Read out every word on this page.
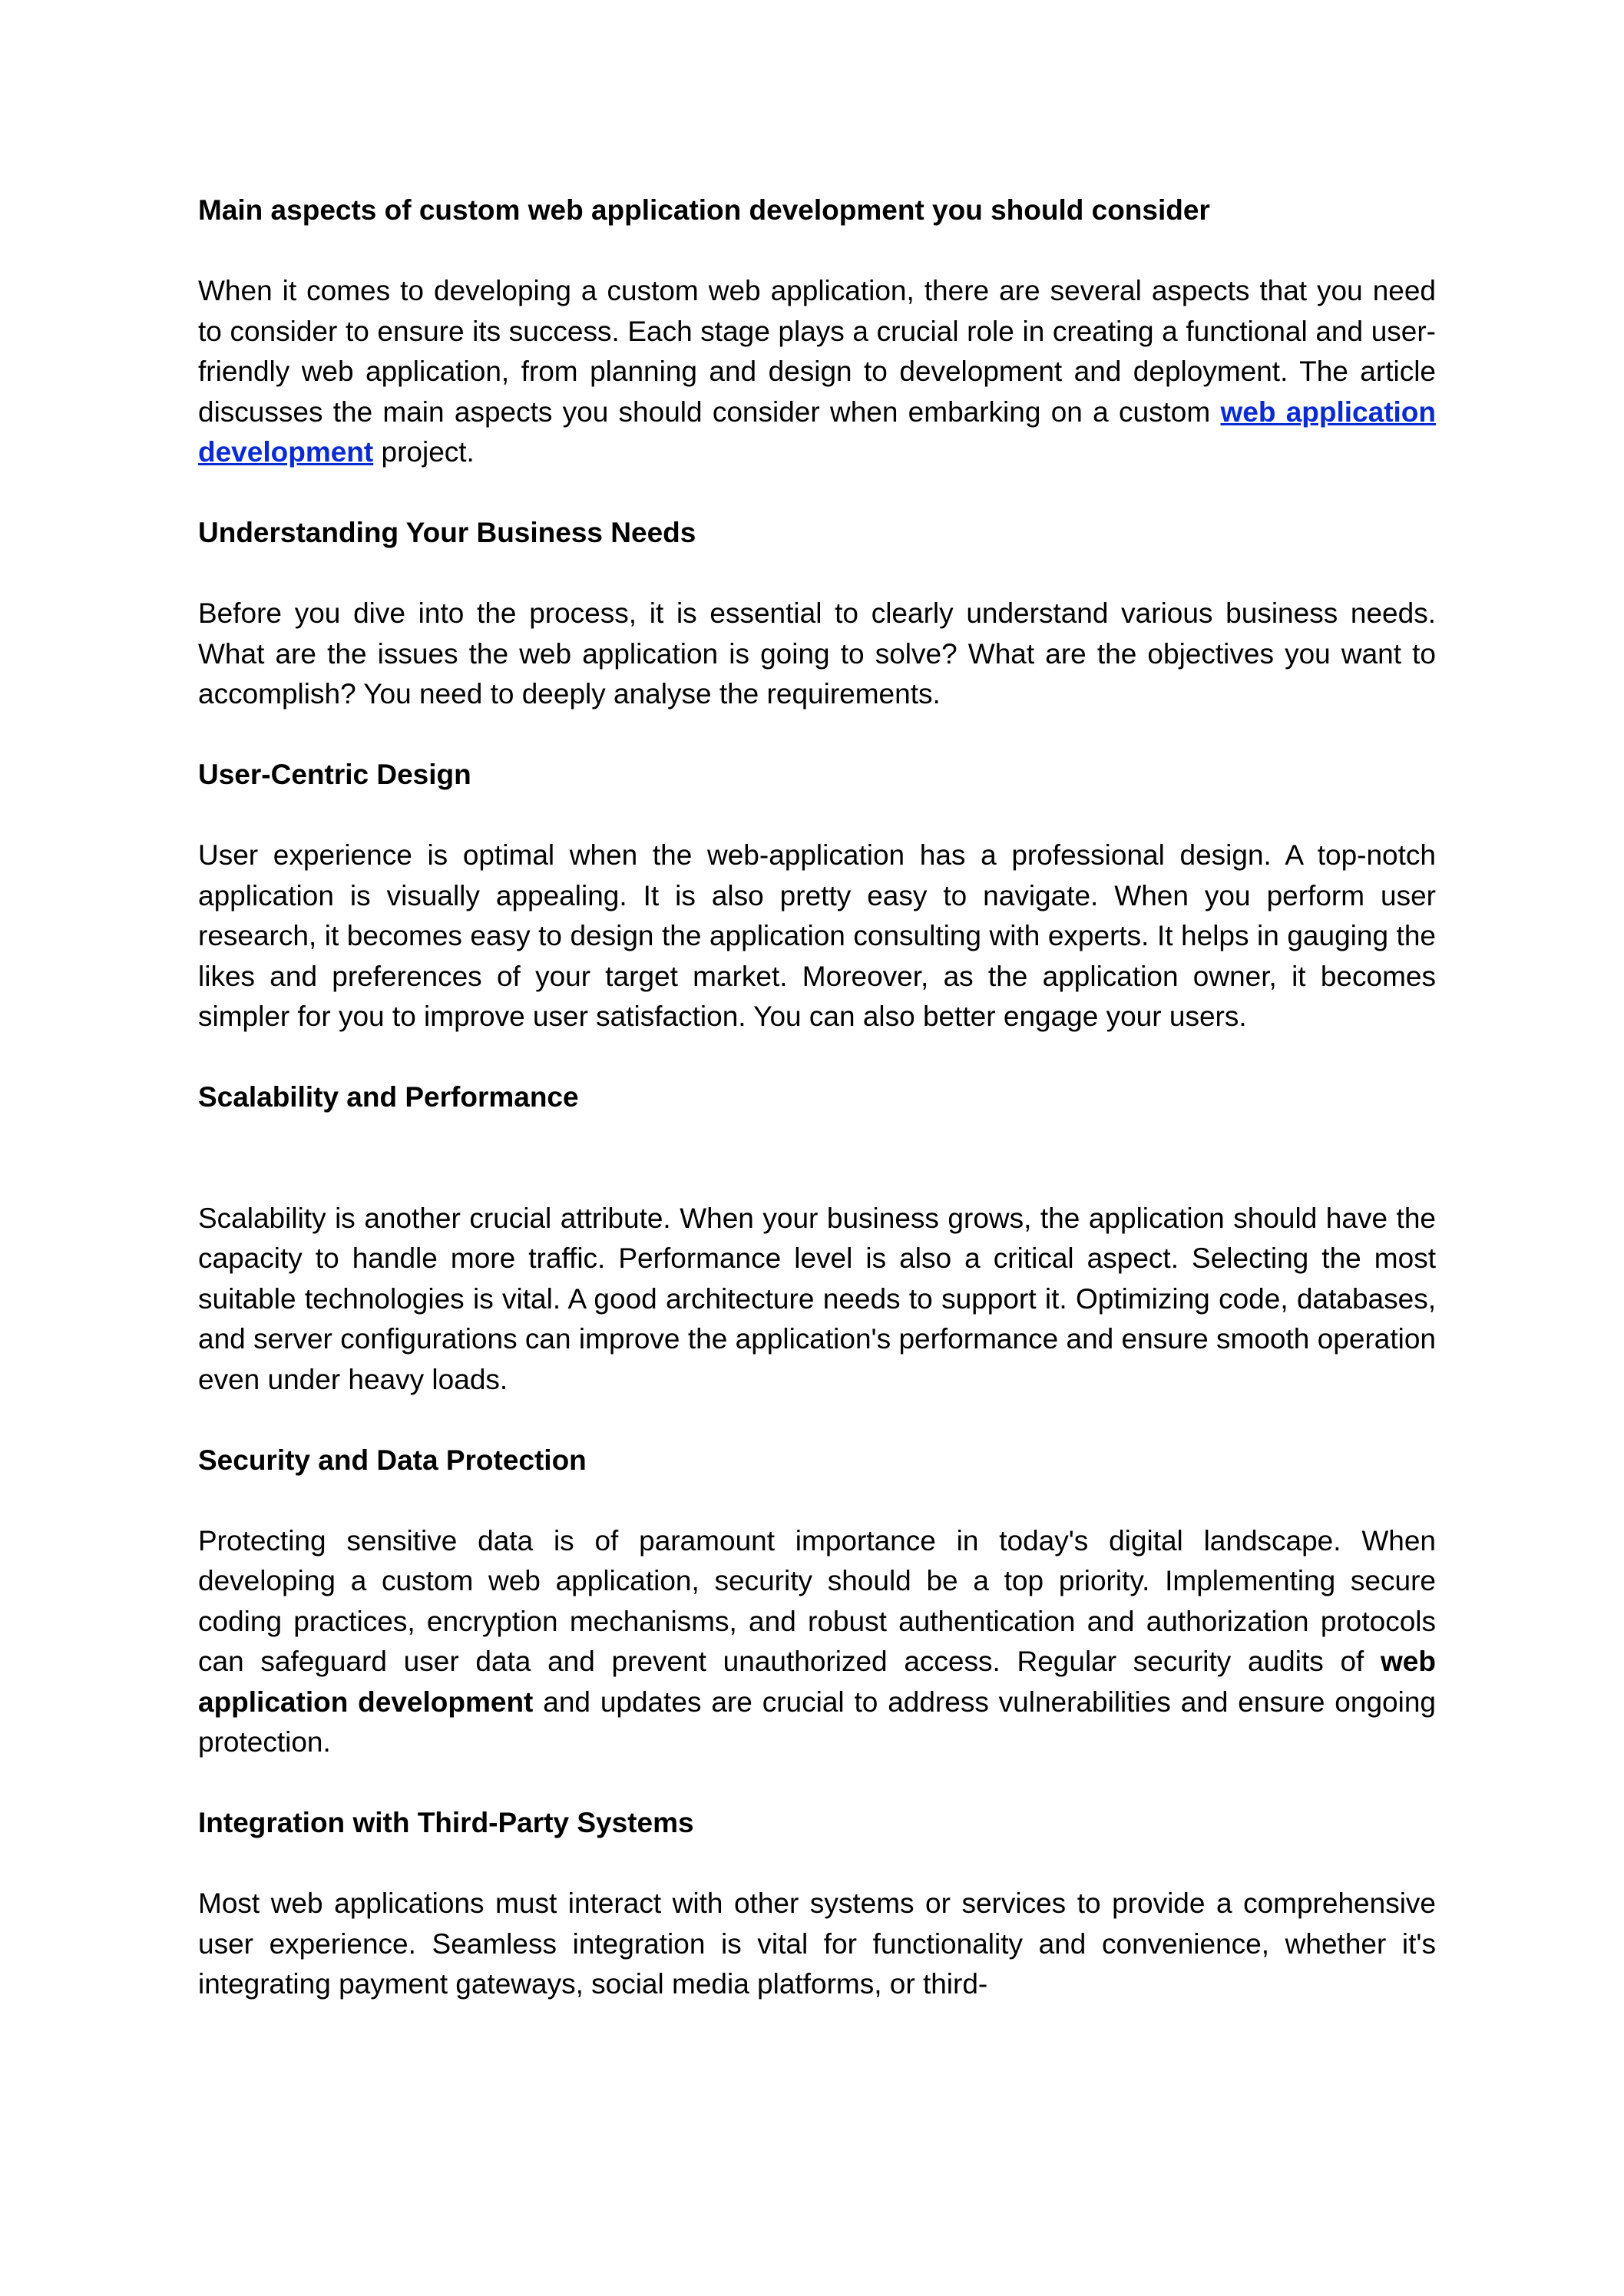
Main aspects of custom web application development you should consider

When it comes to developing a custom web application, there are several aspects that you need to consider to ensure its success. Each stage plays a crucial role in creating a functional and user-friendly web application, from planning and design to development and deployment. The article discusses the main aspects you should consider when embarking on a custom web application development project.

Understanding Your Business Needs

Before you dive into the process, it is essential to clearly understand various business needs. What are the issues the web application is going to solve? What are the objectives you want to accomplish? You need to deeply analyse the requirements.

User-Centric Design

User experience is optimal when the web-application has a professional design. A top-notch application is visually appealing. It is also pretty easy to navigate. When you perform user research, it becomes easy to design the application consulting with experts. It helps in gauging the likes and preferences of your target market. Moreover, as the application owner, it becomes simpler for you to improve user satisfaction. You can also better engage your users.

Scalability and Performance

Scalability is another crucial attribute. When your business grows, the application should have the capacity to handle more traffic. Performance level is also a critical aspect. Selecting the most suitable technologies is vital. A good architecture needs to support it. Optimizing code, databases, and server configurations can improve the application's performance and ensure smooth operation even under heavy loads.

Security and Data Protection

Protecting sensitive data is of paramount importance in today's digital landscape. When developing a custom web application, security should be a top priority. Implementing secure coding practices, encryption mechanisms, and robust authentication and authorization protocols can safeguard user data and prevent unauthorized access. Regular security audits of web application development and updates are crucial to address vulnerabilities and ensure ongoing protection.

Integration with Third-Party Systems

Most web applications must interact with other systems or services to provide a comprehensive user experience. Seamless integration is vital for functionality and convenience, whether it's integrating payment gateways, social media platforms, or third-
